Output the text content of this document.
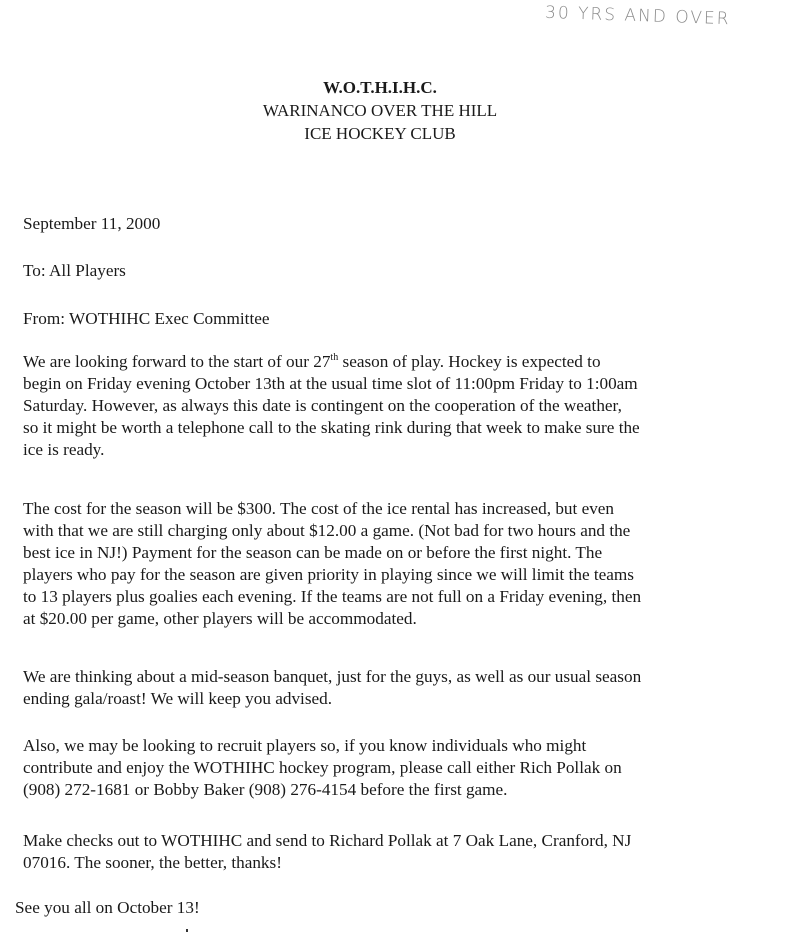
30 YRS AND OVER
W.O.T.H.I.H.C.
WARINANCO OVER THE HILL
ICE HOCKEY CLUB
September 11, 2000
To: All Players
From: WOTHIHC Exec Committee
We are looking forward to the start of our 27th season of play. Hockey is expected to
begin on Friday evening October 13th at the usual time slot of 11:00pm Friday to 1:00am
Saturday. However, as always this date is contingent on the cooperation of the weather,
so it might be worth a telephone call to the skating rink during that week to make sure the
ice is ready.
The cost for the season will be $300. The cost of the ice rental has increased, but even
with that we are still charging only about $12.00 a game. (Not bad for two hours and the
best ice in NJ!) Payment for the season can be made on or before the first night. The
players who pay for the season are given priority in playing since we will limit the teams
to 13 players plus goalies each evening. If the teams are not full on a Friday evening, then
at $20.00 per game, other players will be accommodated.
We are thinking about a mid-season banquet, just for the guys, as well as our usual season
ending gala/roast! We will keep you advised.
Also, we may be looking to recruit players so, if you know individuals who might
contribute and enjoy the WOTHIHC hockey program, please call either Rich Pollak on
(908) 272-1681 or Bobby Baker (908) 276-4154 before the first game.
Make checks out to WOTHIHC and send to Richard Pollak at 7 Oak Lane, Cranford, NJ
07016. The sooner, the better, thanks!
See you all on October 13!
